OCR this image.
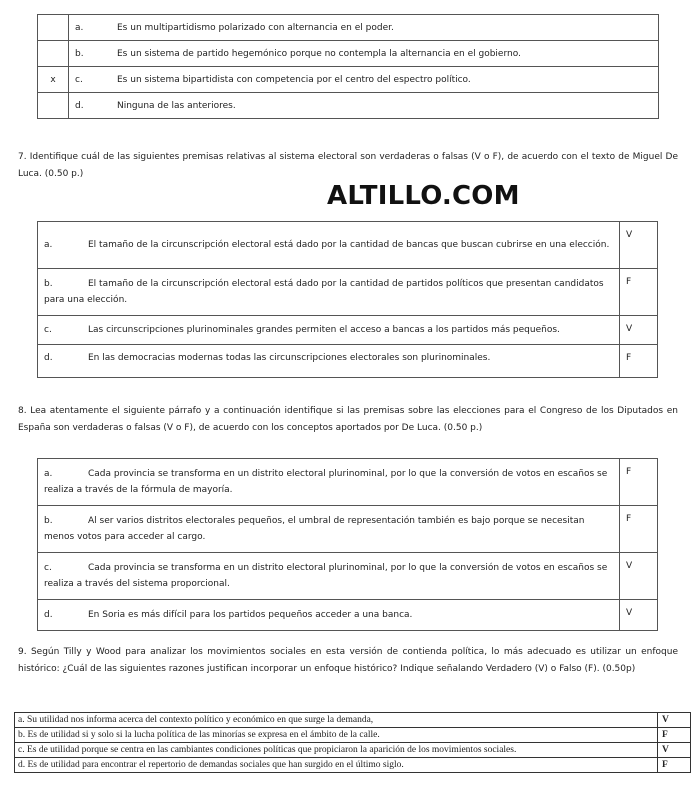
	a. Es un multipartidismo polarizado con alternancia en el poder.
	b. Es un sistema de partido hegemónico porque no contempla la alternancia en el gobierno.
x	c. Es un sistema bipartidista con competencia por el centro del espectro político.
	d. Ninguna de las anteriores.
7. Identifique cuál de las siguientes premisas relativas al sistema electoral son verdaderas o falsas (V o F), de acuerdo con el texto de Miguel De Luca. (0.50 p.)
ALTILLO.COM
a. El tamaño de la circunscripción electoral está dado por la cantidad de bancas que buscan cubrirse en una elección.	V
b. El tamaño de la circunscripción electoral está dado por la cantidad de partidos políticos que presentan candidatos para una elección.	F
c. Las circunscripciones plurinominales grandes permiten el acceso a bancas a los partidos más pequeños.	V
d. En las democracias modernas todas las circunscripciones electorales son plurinominales.	F
8. Lea atentamente el siguiente párrafo y a continuación identifique si las premisas sobre las elecciones para el Congreso de los Diputados en España son verdaderas o falsas (V o F), de acuerdo con los conceptos aportados por De Luca. (0.50 p.)
a. Cada provincia se transforma en un distrito electoral plurinominal, por lo que la conversión de votos en escaños se realiza a través de la fórmula de mayoría.	F
b. Al ser varios distritos electorales pequeños, el umbral de representación también es bajo porque se necesitan menos votos para acceder al cargo.	F
c. Cada provincia se transforma en un distrito electoral plurinominal, por lo que la conversión de votos en escaños se realiza a través del sistema proporcional.	V
d. En Soria es más difícil para los partidos pequeños acceder a una banca.	V
9. Según Tilly y Wood para analizar los movimientos sociales en esta versión de contienda política, lo más adecuado es utilizar un enfoque histórico: ¿Cuál de las siguientes razones justifican incorporar un enfoque histórico? Indique señalando Verdadero (V) o Falso (F). (0.50p)
a. Su utilidad nos informa acerca del contexto político y económico en que surge la demanda,	V
b. Es de utilidad si y solo si la lucha política de las minorías se expresa en el ámbito de la calle.	F
c. Es de utilidad porque se centra en las cambiantes condiciones políticas que propiciaron la aparición de los movimientos sociales.	V
d. Es de utilidad para encontrar el repertorio de demandas sociales que han surgido en el último siglo.	F
